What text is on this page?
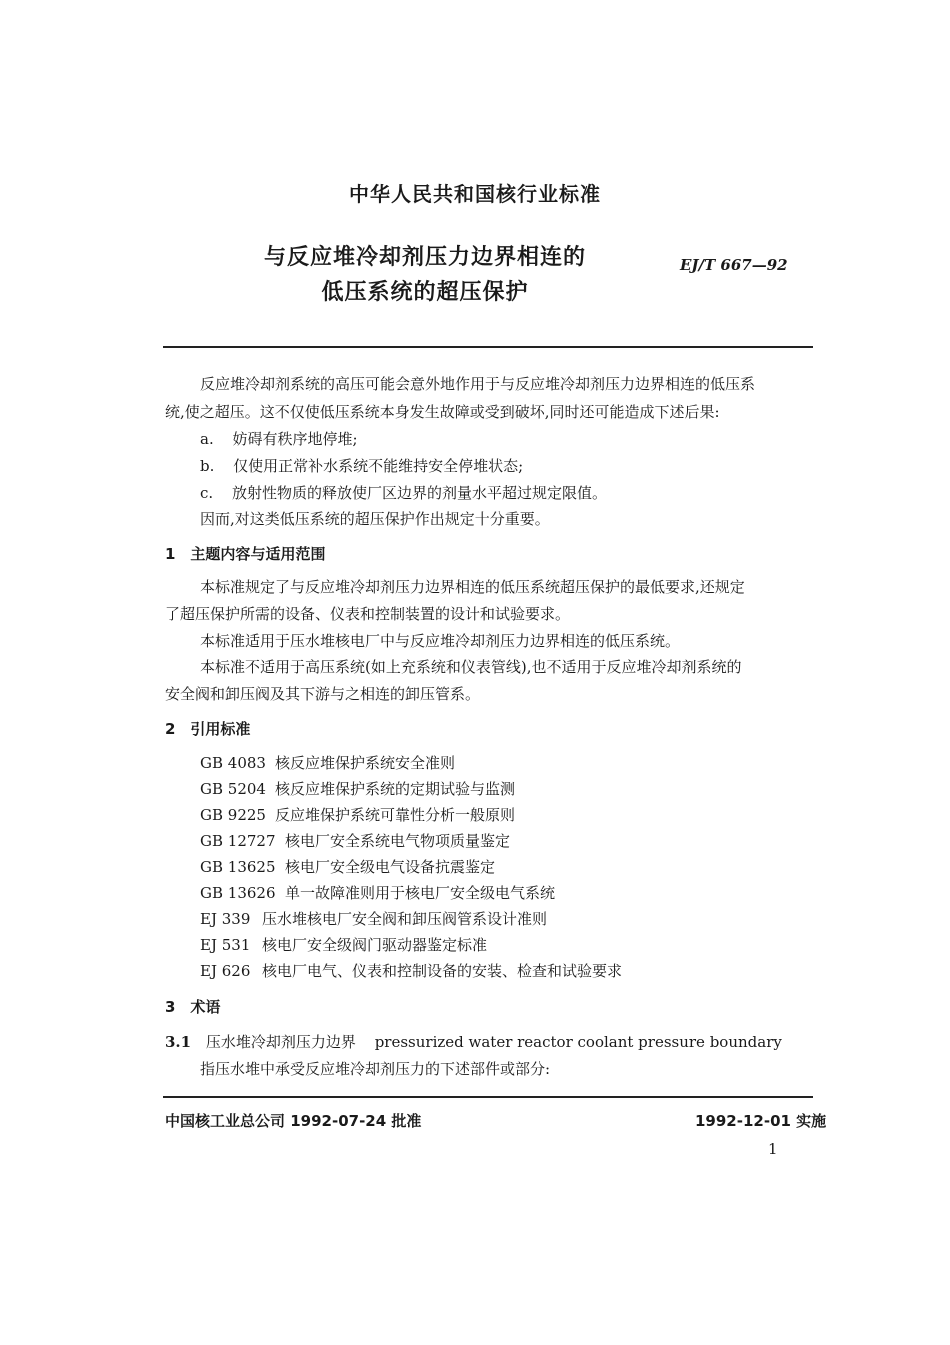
中华人民共和国核行业标准
与反应堆冷却剂压力边界相连的
低压系统的超压保护
EJ/T 667—92
反应堆冷却剂系统的高压可能会意外地作用于与反应堆冷却剂压力边界相连的低压系
统,使之超压。这不仅使低压系统本身发生故障或受到破坏,同时还可能造成下述后果:
a. 妨碍有秩序地停堆;
b. 仅使用正常补水系统不能维持安全停堆状态;
c. 放射性物质的释放使厂区边界的剂量水平超过规定限值。
因而,对这类低压系统的超压保护作出规定十分重要。
1　主题内容与适用范围
本标准规定了与反应堆冷却剂压力边界相连的低压系统超压保护的最低要求,还规定
了超压保护所需的设备、仪表和控制装置的设计和试验要求。
本标准适用于压水堆核电厂中与反应堆冷却剂压力边界相连的低压系统。
本标准不适用于高压系统(如上充系统和仪表管线),也不适用于反应堆冷却剂系统的
安全阀和卸压阀及其下游与之相连的卸压管系。
2　引用标准
GB 4083 核反应堆保护系统安全准则
GB 5204 核反应堆保护系统的定期试验与监测
GB 9225 反应堆保护系统可靠性分析一般原则
GB 12727 核电厂安全系统电气物项质量鉴定
GB 13625 核电厂安全级电气设备抗震鉴定
GB 13626 单一故障准则用于核电厂安全级电气系统
EJ 339 压水堆核电厂安全阀和卸压阀管系设计准则
EJ 531 核电厂安全级阀门驱动器鉴定标准
EJ 626 核电厂电气、仪表和控制设备的安装、检查和试验要求
3　术语
3.1 压水堆冷却剂压力边界 pressurized water reactor coolant pressure boundary
指压水堆中承受反应堆冷却剂压力的下述部件或部分:
中国核工业总公司 1992-07-24 批准	1992-12-01 实施
1
